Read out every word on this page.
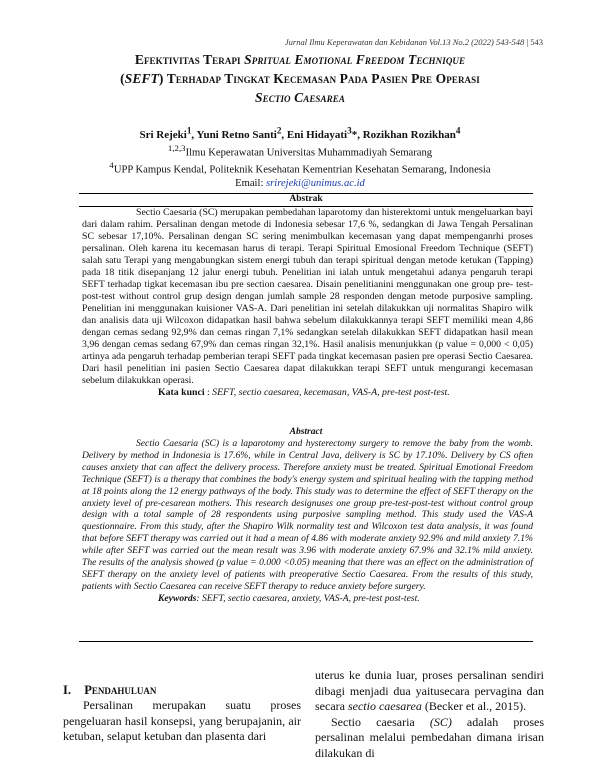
Jurnal Ilmu Keperawatan dan Kebidanan Vol.13 No.2 (2022) 543-548 | 543
Efektivitas Terapi Spritual Emotional Freedom Technique
(SEFT) Terhadap Tingkat Kecemasan Pada Pasien Pre Operasi
Sectio Caesarea
Sri Rejeki$^1$, Yuni Retno Santi$^2$, Eni Hidayati$^3$*, Rozikhan Rozikhan$^4$
$^{1,2,3}$Ilmu Keperawatan Universitas Muhammadiyah Semarang
$^4$UPP Kampus Kendal, Politeknik Kesehatan Kementrian Kesehatan Semarang, Indonesia
Email: srirejeki@unimus.ac.id
Abstrak

Sectio Caesaria (SC) merupakan pembedahan laparotomy dan histerektomi untuk mengeluarkan bayi dari dalam rahim. Persalinan dengan metode di Indonesia sebesar 17,6 %, sedangkan di Jawa Tengah Persalinan SC sebesar 17,10%. Persalinan dengan SC sering menimbulkan kecemasan yang dapat mempenganrhi proses persalinan. Oleh karena itu kecemasan harus di terapi. Terapi Spiritual Emosional Freedom Technique (SEFT) salah satu Terapi yang mengabungkan sistem energi tubuh dan terapi spiritual dengan metode ketukan (Tapping) pada 18 titik disepanjang 12 jalur energi tubuh. Penelitian ini ialah untuk mengetahui adanya pengaruh terapi SEFT terhadap tigkat kecemasan ibu pre section caesarea. Disain penelitianini menggunakan one group pre- test-post-test without control grup design dengan jumlah sample 28 responden dengan metode purposive sampling. Penelitian ini menggunakan kuisioner VAS-A. Dari penelitian ini setelah dilakukkan uji normalitas Shapiro wilk dan analisis data uji Wilcoxon didapatkan hasil bahwa sebelum dilakukkannya terapi SEFT memiliki mean 4,86 dengan cemas sedang 92,9% dan cemas ringan 7,1% sedangkan setelah dilakukkan SEFT didapatkan hasil mean 3,96 dengan cemas sedang 67,9% dan cemas ringan 32,1%. Hasil analisis menunjukkan (p value = 0,000 < 0,05) artinya ada pengaruh terhadap pemberian terapi SEFT pada tingkat kecemasan pasien pre operasi Sectio Caesarea. Dari hasil penelitian ini pasien Sectio Caesarea dapat dilakukkan terapi SEFT untuk mengurangi kecemasan sebelum dilakukkan operasi.

Kata kunci : SEFT, sectio caesarea, kecemasan, VAS-A, pre-test post-test.

Abstract

Sectio Caesaria (SC) is a laparotomy and hysterectomy surgery to remove the baby from the womb. Delivery by method in Indonesia is 17.6%, while in Central Java, delivery is SC by 17.10%. Delivery by CS often causes anxiety that can affect the delivery process. Therefore anxiety must be treated. Spiritual Emotional Freedom Technique (SEFT) is a therapy that combines the body's energy system and spiritual healing with the tapping method at 18 points along the 12 energy pathways of the body. This study was to determine the effect of SEFT therapy on the anxiety level of pre-cesarean mothers. This research designuses one group pre-test-post-test without control group design with a total sample of 28 respondents using purposive sampling method. This study used the VAS-A questionnaire. From this study, after the Shapiro Wilk normality test and Wilcoxon test data analysis, it was found that before SEFT therapy was carried out it had a mean of 4.86 with moderate anxiety 92.9% and mild anxiety 7.1% while after SEFT was carried out the mean result was 3.96 with moderate anxiety 67.9% and 32.1% mild anxiety. The results of the analysis showed (p value = 0.000 <0.05) meaning that there was an effect on the administration of SEFT therapy on the anxiety level of patients with preoperative Sectio Caesarea. From the results of this study, patients with Sectio Caesarea can receive SEFT therapy to reduce anxiety before surgery.

Keywords: SEFT, sectio caesarea, anxiety, VAS-A, pre-test post-test.

I. Pendahuluan

Persalinan merupakan suatu proses pengeluaran hasil konsepsi, yang berupajanin, air ketuban, selaput ketuban dan plasenta dari

uterus ke dunia luar, proses persalinan sendiri dibagi menjadi dua yaitusecara pervagina dan secara sectio caesarea (Becker et al., 2015).

Sectio caesaria (SC) adalah proses persalinan melalui pembedahan dimana irisan dilakukan di
